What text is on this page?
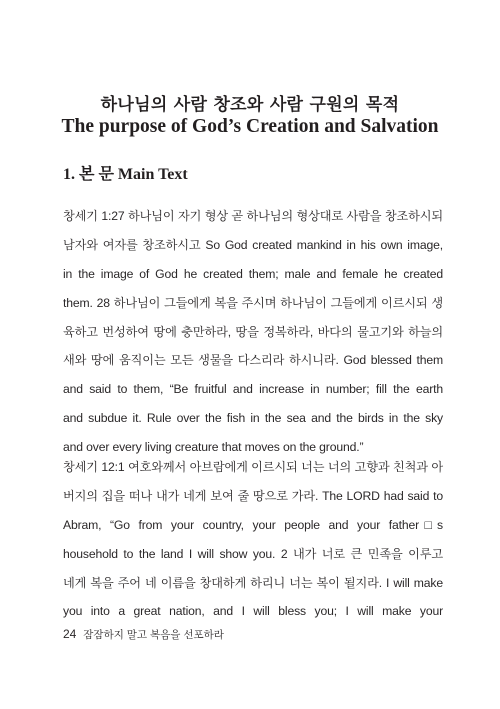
하나님의 사람 창조와 사람 구원의 목적
The purpose of God’s Creation and Salvation
1. 본 문 Main Text
창세기 1:27 하나님이 자기 형상 곧 하나님의 형상대로 사람을 창조하시되
남자와 여자를 창조하시고 So God created mankind in his own image,
in the image of God he created them; male and female he created
them. 28 하나님이 그들에게 복을 주시며 하나님이 그들에게 이르시되 생
육하고 번성하여 땅에 충만하라, 땅을 정복하라, 바다의 물고기와 하늘의
새와 땅에 움직이는 모든 생물을 다스리라 하시니라. God blessed them
and said to them, “Be fruitful and increase in number; fill the earth
and subdue it. Rule over the fish in the sea and the birds in the sky
and over every living creature that moves on the ground.”
창세기 12:1 여호와께서 아브람에게 이르시되 너는 너의 고향과 친척과 아
버지의 집을 떠나 내가 네게 보여 줄 땅으로 가라. The LORD had said to
Abram, “Go from your country, your people and your father□s
household to the land I will show you. 2 내가 너로 큰 민족을 이루고
네게 복을 주어 네 이름을 창대하게 하리니 너는 복이 될지라. I will make
you into a great nation, and I will bless you; I will make your
24 잠잠하지 말고 복음을 선포하라
